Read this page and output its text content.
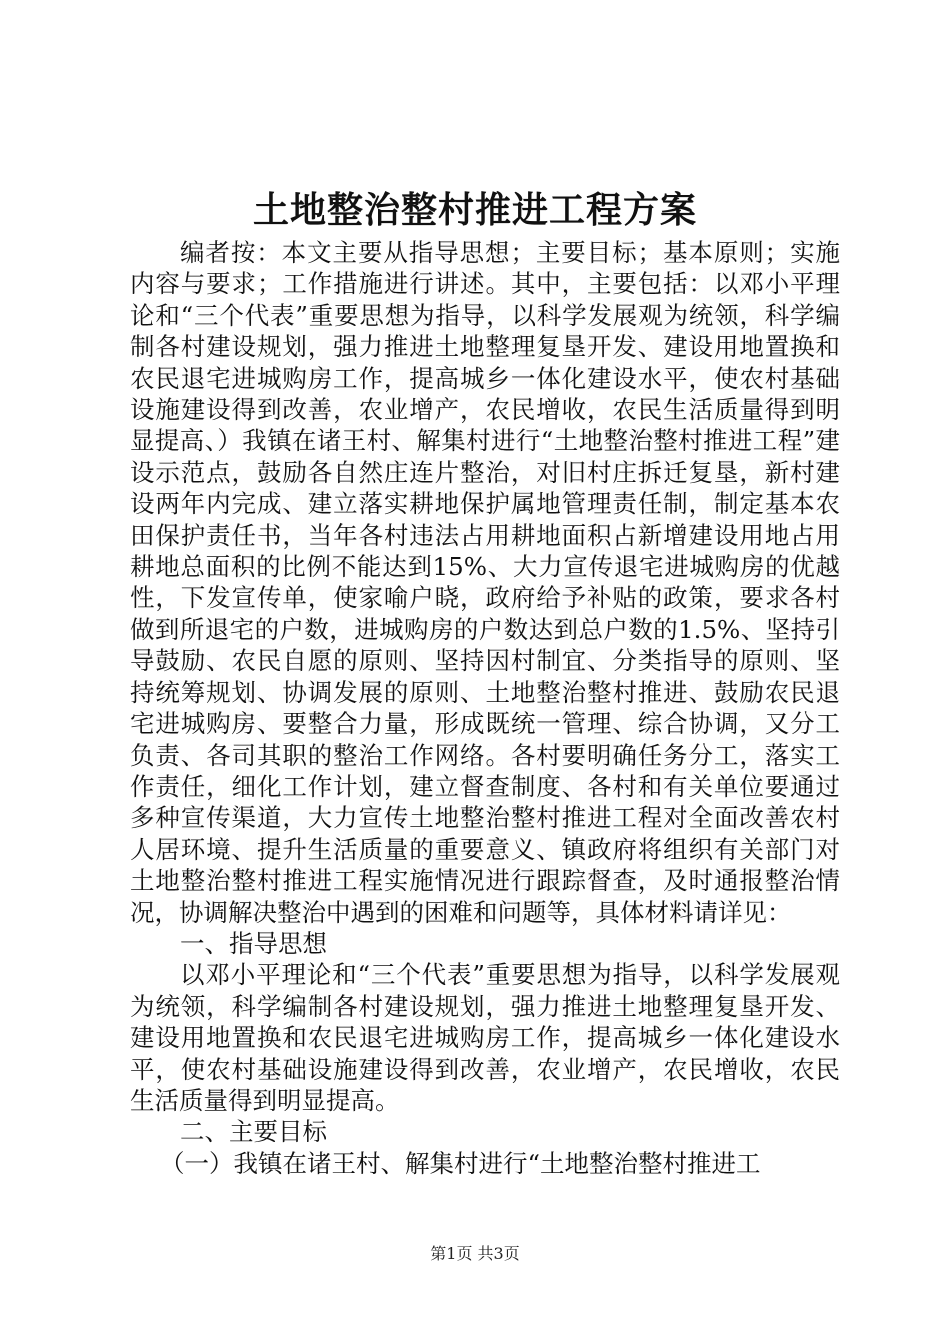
土地整治整村推进工程方案

编者按：本文主要从指导思想；主要目标；基本原则；实施内容与要求；工作措施进行讲述。其中，主要包括：以邓小平理论和“三个代表”重要思想为指导，以科学发展观为统领，科学编制各村建设规划，强力推进土地整理复垦开发、建设用地置换和农民退宅进城购房工作，提高城乡一体化建设水平，使农村基础设施建设得到改善，农业增产，农民增收，农民生活质量得到明显提高、）我镇在诸王村、解集村进行“土地整治整村推进工程”建设示范点，鼓励各自然庄连片整治，对旧村庄拆迁复垦，新村建设两年内完成、建立落实耕地保护属地管理责任制，制定基本农田保护责任书，当年各村违法占用耕地面积占新增建设用地占用耕地总面积的比例不能达到15%、大力宣传退宅进城购房的优越性，下发宣传单，使家喻户晓，政府给予补贴的政策，要求各村做到所退宅的户数，进城购房的户数达到总户数的1.5%、坚持引导鼓励、农民自愿的原则、坚持因村制宜、分类指导的原则、坚持统筹规划、协调发展的原则、土地整治整村推进、鼓励农民退宅进城购房、要整合力量，形成既统一管理、综合协调，又分工负责、各司其职的整治工作网络。各村要明确任务分工，落实工作责任，细化工作计划，建立督查制度、各村和有关单位要通过多种宣传渠道，大力宣传土地整治整村推进工程对全面改善农村人居环境、提升生活质量的重要意义、镇政府将组织有关部门对土地整治整村推进工程实施情况进行跟踪督查，及时通报整治情况，协调解决整治中遇到的困难和问题等，具体材料请详见：

一、指导思想

以邓小平理论和“三个代表”重要思想为指导，以科学发展观为统领，科学编制各村建设规划，强力推进土地整理复垦开发、建设用地置换和农民退宅进城购房工作，提高城乡一体化建设水平，使农村基础设施建设得到改善，农业增产，农民增收，农民生活质量得到明显提高。

二、主要目标

（一）我镇在诸王村、解集村进行“土地整治整村推进工

第1页 共3页
